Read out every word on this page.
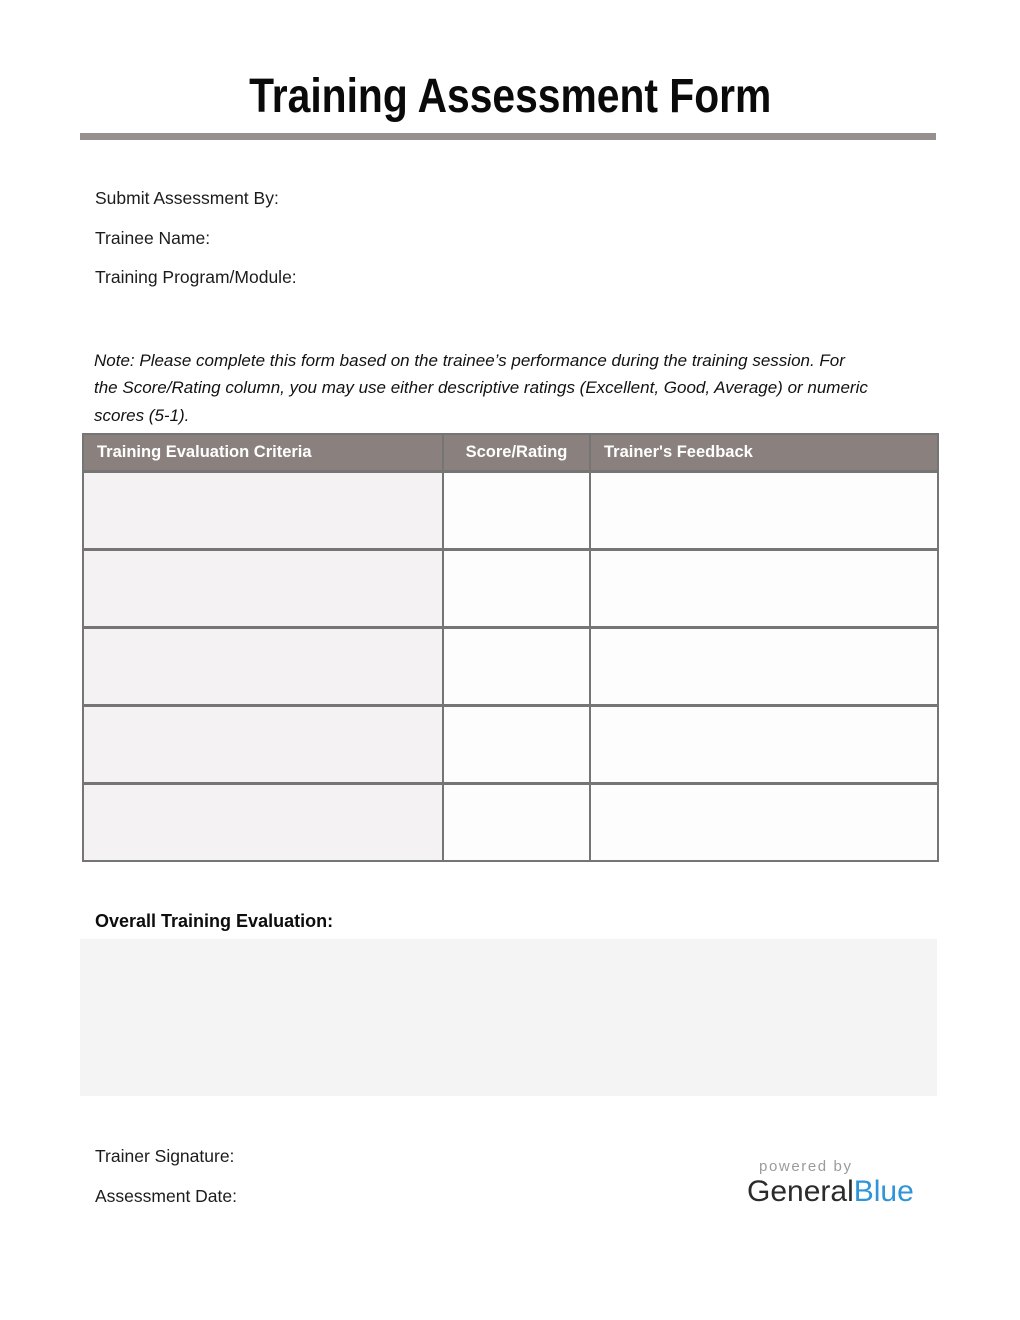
Training Assessment Form
Submit Assessment By:
Trainee Name:
Training Program/Module:
Note: Please complete this form based on the trainee’s performance during the training session. For
the Score/Rating column, you may use either descriptive ratings (Excellent, Good, Average) or numeric
scores (5-1).
Training Evaluation Criteria	Score/Rating	Trainer's Feedback

Overall Training Evaluation:
Trainer Signature:
Assessment Date:
powered by
GeneralBlue
